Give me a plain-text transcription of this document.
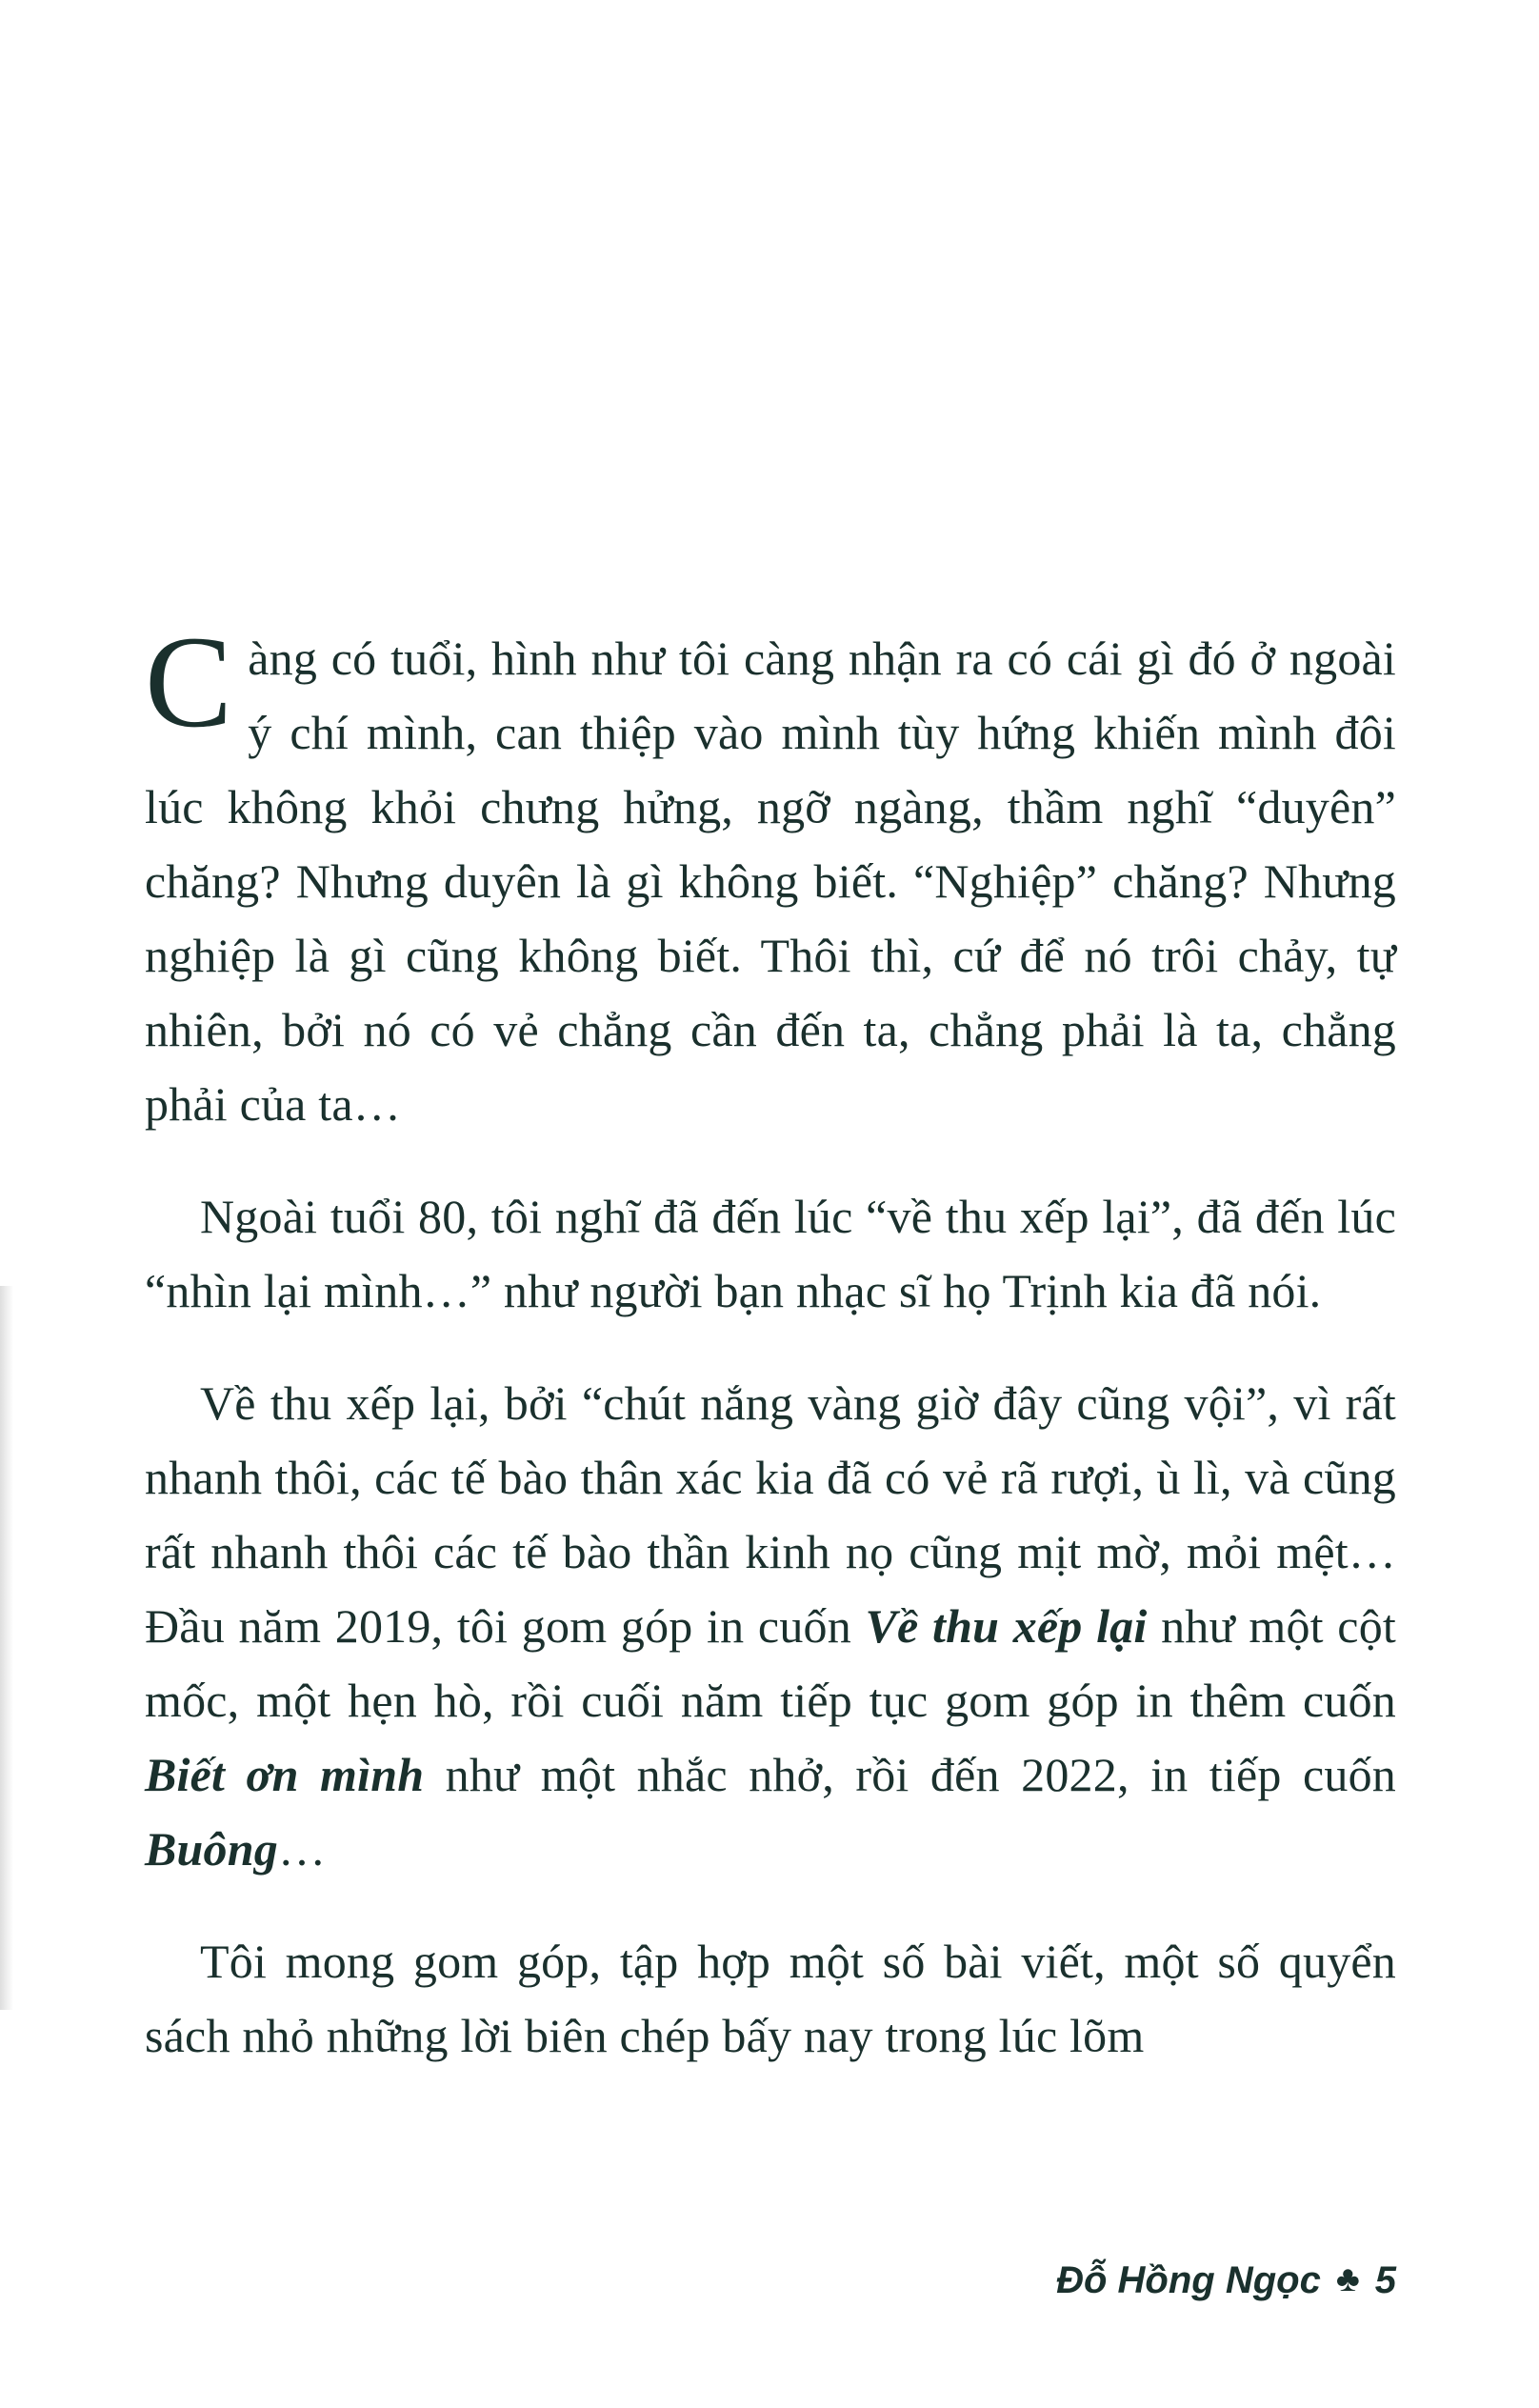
Càng có tuổi, hình như tôi càng nhận ra có cái gì đó ở ngoài ý chí mình, can thiệp vào mình tùy hứng khiến mình đôi lúc không khỏi chưng hửng, ngỡ ngàng, thầm nghĩ “duyên” chăng? Nhưng duyên là gì không biết. “Nghiệp” chăng? Nhưng nghiệp là gì cũng không biết. Thôi thì, cứ để nó trôi chảy, tự nhiên, bởi nó có vẻ chẳng cần đến ta, chẳng phải là ta, chẳng phải của ta…

Ngoài tuổi 80, tôi nghĩ đã đến lúc “về thu xếp lại”, đã đến lúc “nhìn lại mình…” như người bạn nhạc sĩ họ Trịnh kia đã nói.

Về thu xếp lại, bởi “chút nắng vàng giờ đây cũng vội”, vì rất nhanh thôi, các tế bào thân xác kia đã có vẻ rã rượi, ù lì, và cũng rất nhanh thôi các tế bào thần kinh nọ cũng mịt mờ, mỏi mệt… Đầu năm 2019, tôi gom góp in cuốn Về thu xếp lại như một cột mốc, một hẹn hò, rồi cuối năm tiếp tục gom góp in thêm cuốn Biết ơn mình như một nhắc nhở, rồi đến 2022, in tiếp cuốn Buông…

Tôi mong gom góp, tập hợp một số bài viết, một số quyển sách nhỏ những lời biên chép bấy nay trong lúc lõm

Đỗ Hồng Ngọc ♣ 5
